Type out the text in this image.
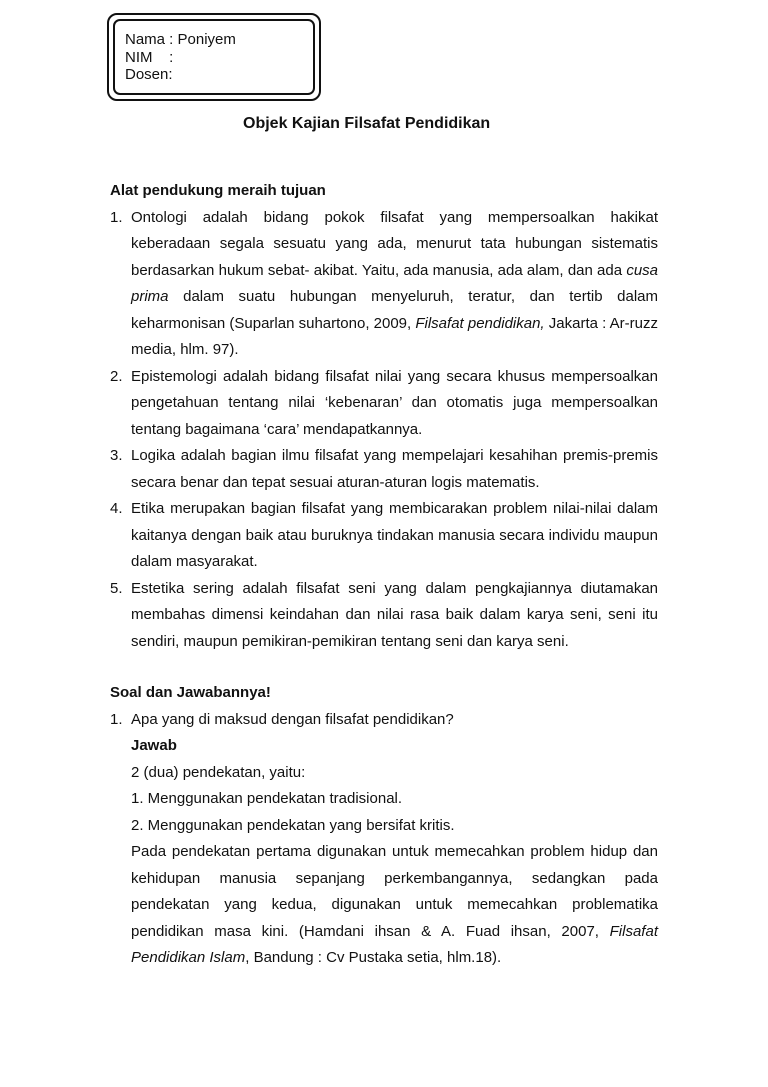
Nama : Poniyem
NIM    :
Dosen:
Objek Kajian Filsafat Pendidikan
Alat pendukung meraih tujuan
1. Ontologi adalah bidang pokok filsafat yang mempersoalkan hakikat keberadaan segala sesuatu yang ada, menurut tata hubungan sistematis berdasarkan hukum sebat- akibat. Yaitu, ada manusia, ada alam, dan ada cusa prima dalam suatu hubungan menyeluruh, teratur, dan tertib dalam keharmonisan (Suparlan suhartono, 2009, Filsafat pendidikan, Jakarta : Ar-ruzz media, hlm. 97).
2. Epistemologi adalah bidang filsafat nilai yang secara khusus mempersoalkan pengetahuan tentang nilai ‘kebenaran’ dan otomatis juga mempersoalkan tentang bagaimana ‘cara’ mendapatkannya.
3. Logika adalah bagian ilmu filsafat yang mempelajari kesahihan premis-premis secara benar dan tepat sesuai aturan-aturan logis matematis.
4. Etika merupakan bagian filsafat yang membicarakan problem nilai-nilai dalam kaitanya dengan baik atau buruknya tindakan manusia secara individu maupun dalam masyarakat.
5. Estetika sering adalah filsafat seni yang dalam pengkajiannya diutamakan membahas dimensi keindahan dan nilai rasa baik dalam karya seni, seni itu sendiri, maupun pemikiran-pemikiran tentang seni dan karya seni.
Soal dan Jawabannya!
1. Apa yang di maksud dengan filsafat pendidikan?
Jawab
2 (dua) pendekatan, yaitu:
1. Menggunakan pendekatan tradisional.
2. Menggunakan pendekatan yang bersifat kritis.
Pada pendekatan pertama digunakan untuk memecahkan problem hidup dan kehidupan manusia sepanjang perkembangannya, sedangkan pada pendekatan yang kedua, digunakan untuk memecahkan problematika pendidikan masa kini. (Hamdani ihsan & A. Fuad ihsan, 2007, Filsafat Pendidikan Islam, Bandung : Cv Pustaka setia, hlm.18).
